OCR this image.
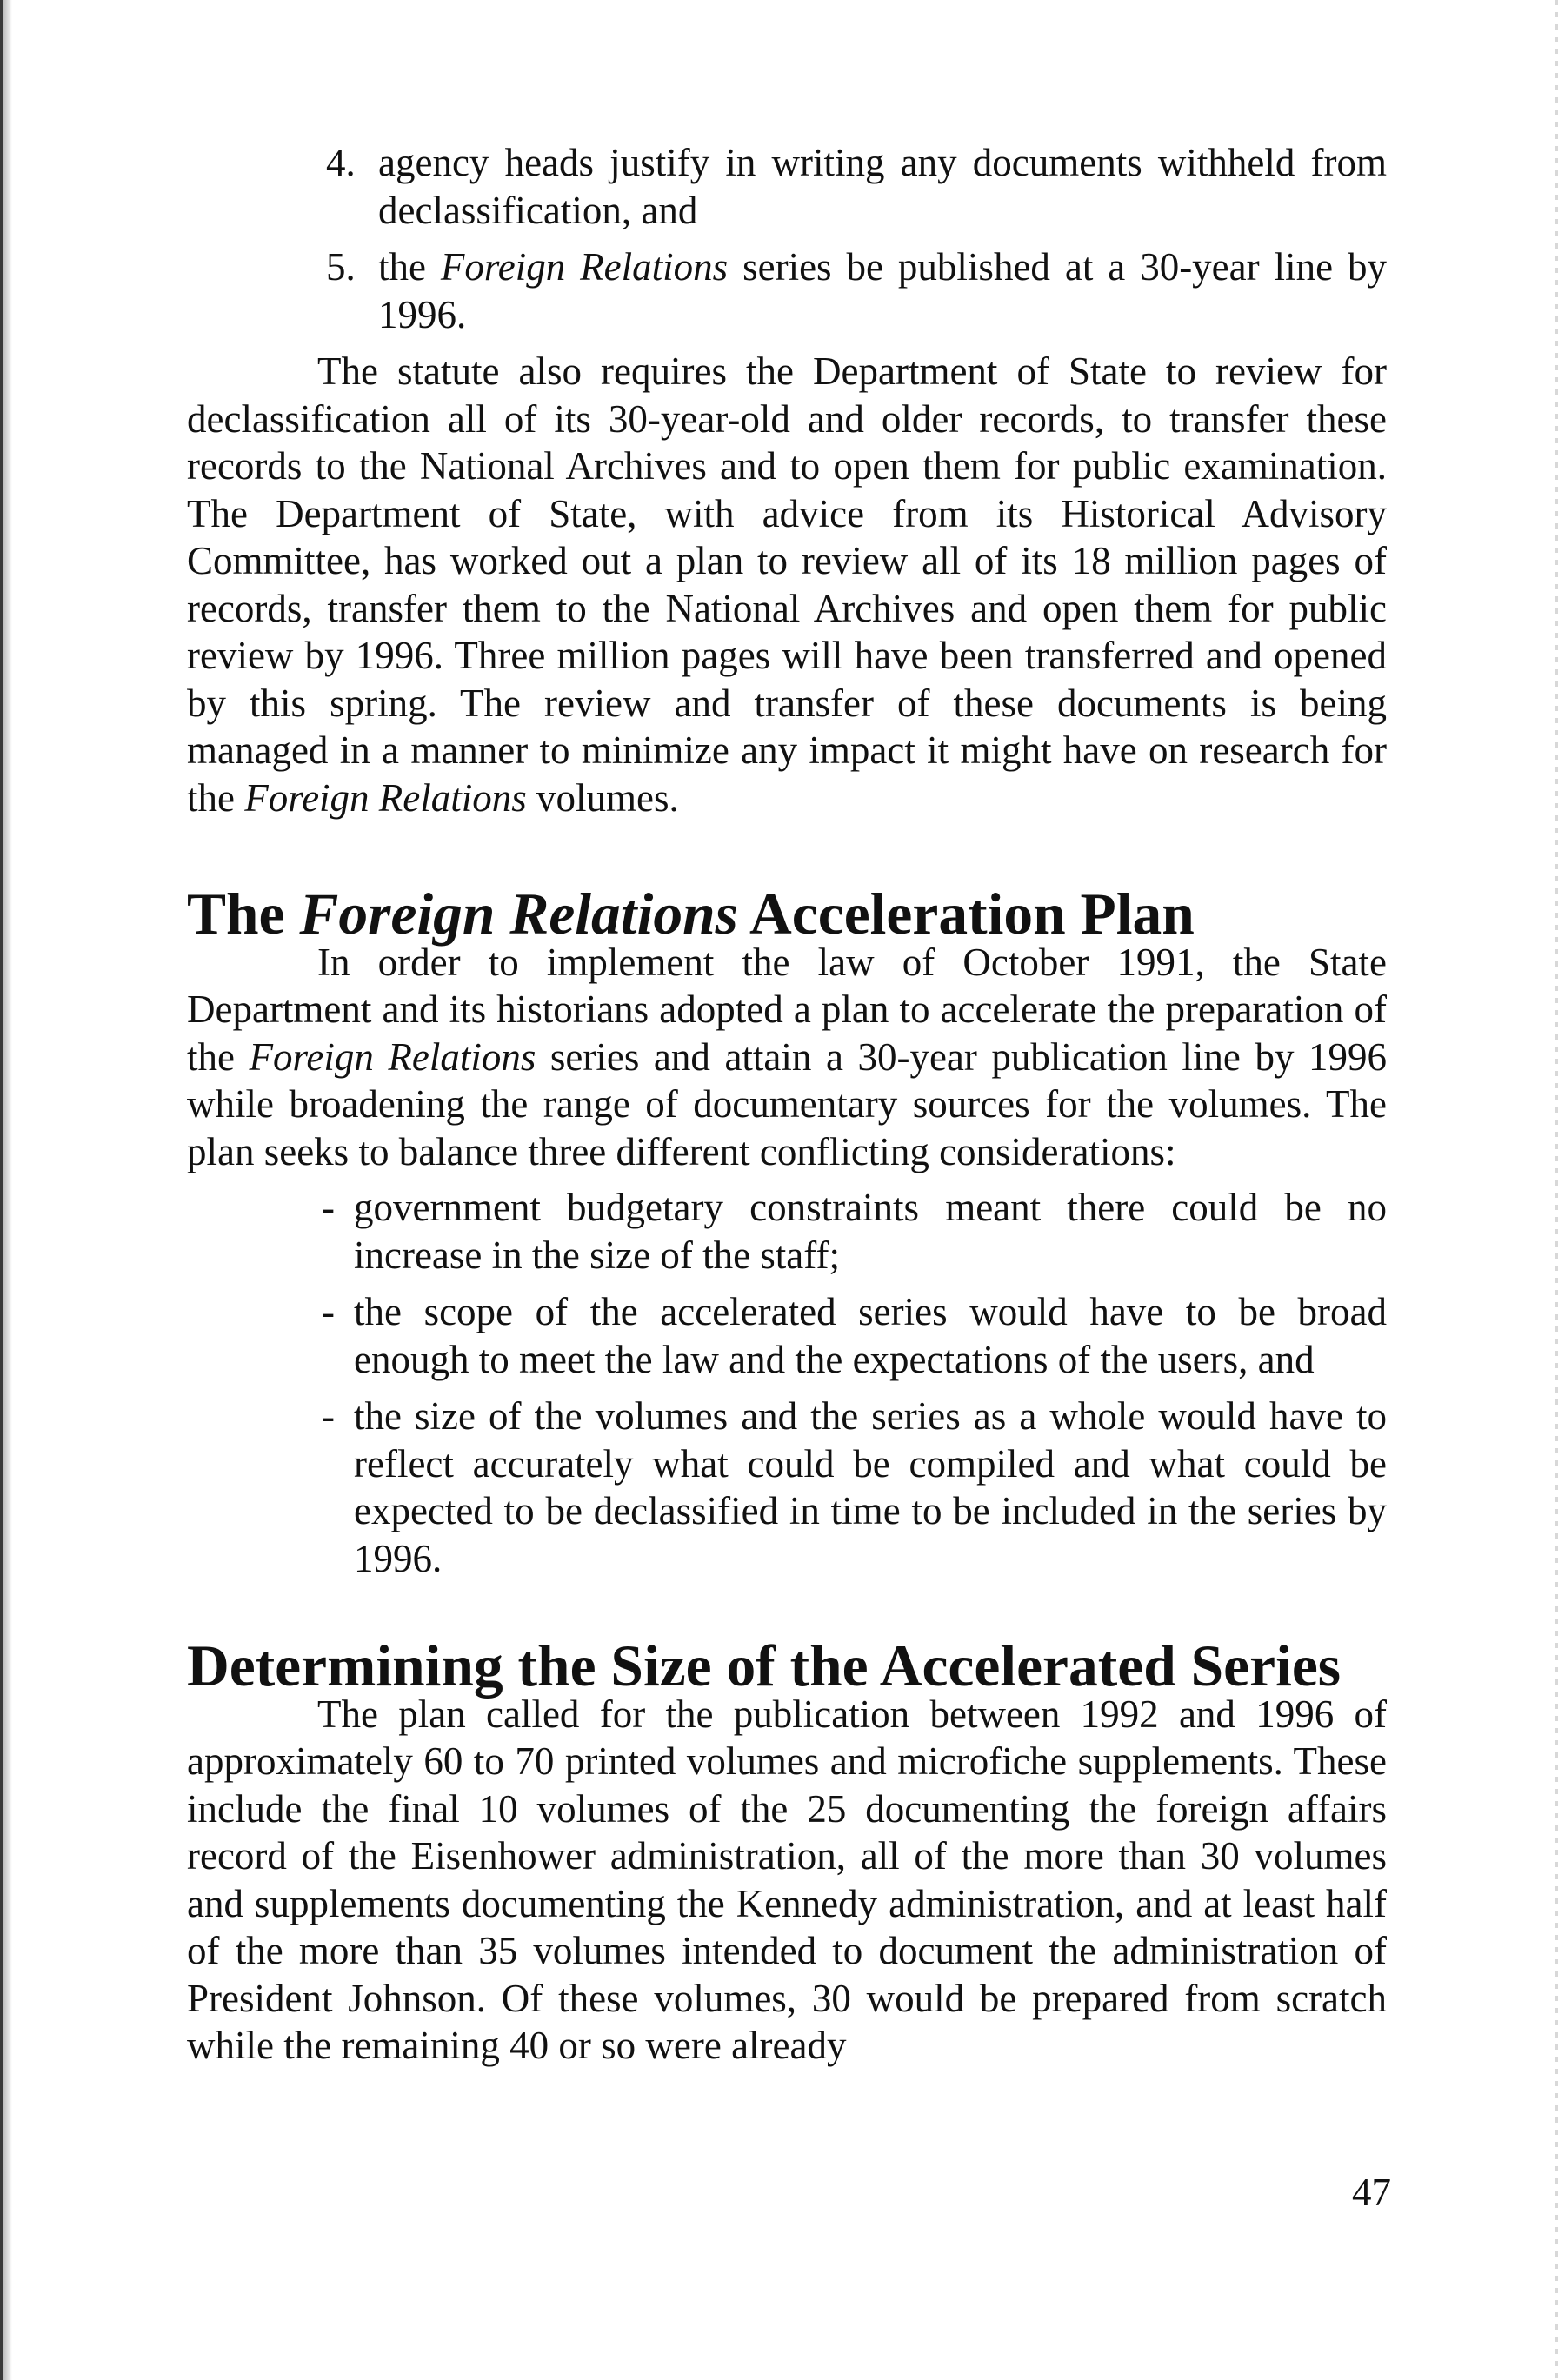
4. agency heads justify in writing any documents withheld from declassification, and
5. the Foreign Relations series be published at a 30-year line by 1996.

The statute also requires the Department of State to review for declassification all of its 30-year-old and older records, to transfer these records to the National Archives and to open them for public examination. The Department of State, with advice from its Historical Advisory Committee, has worked out a plan to review all of its 18 million pages of records, transfer them to the National Archives and open them for public review by 1996. Three million pages will have been transferred and opened by this spring. The review and transfer of these documents is being managed in a manner to minimize any impact it might have on research for the Foreign Relations volumes.

The Foreign Relations Acceleration Plan

In order to implement the law of October 1991, the State Department and its historians adopted a plan to accelerate the preparation of the Foreign Relations series and attain a 30-year publication line by 1996 while broadening the range of documentary sources for the volumes. The plan seeks to balance three different conflicting considerations:

- government budgetary constraints meant there could be no increase in the size of the staff;
- the scope of the accelerated series would have to be broad enough to meet the law and the expectations of the users, and
- the size of the volumes and the series as a whole would have to reflect accurately what could be compiled and what could be expected to be declassified in time to be included in the series by 1996.
Determining the Size of the Accelerated Series

The plan called for the publication between 1992 and 1996 of approximately 60 to 70 printed volumes and microfiche supplements. These include the final 10 volumes of the 25 documenting the foreign affairs record of the Eisenhower administration, all of the more than 30 volumes and supplements documenting the Kennedy administration, and at least half of the more than 35 volumes intended to document the administration of President Johnson. Of these volumes, 30 would be prepared from scratch while the remaining 40 or so were already

47
